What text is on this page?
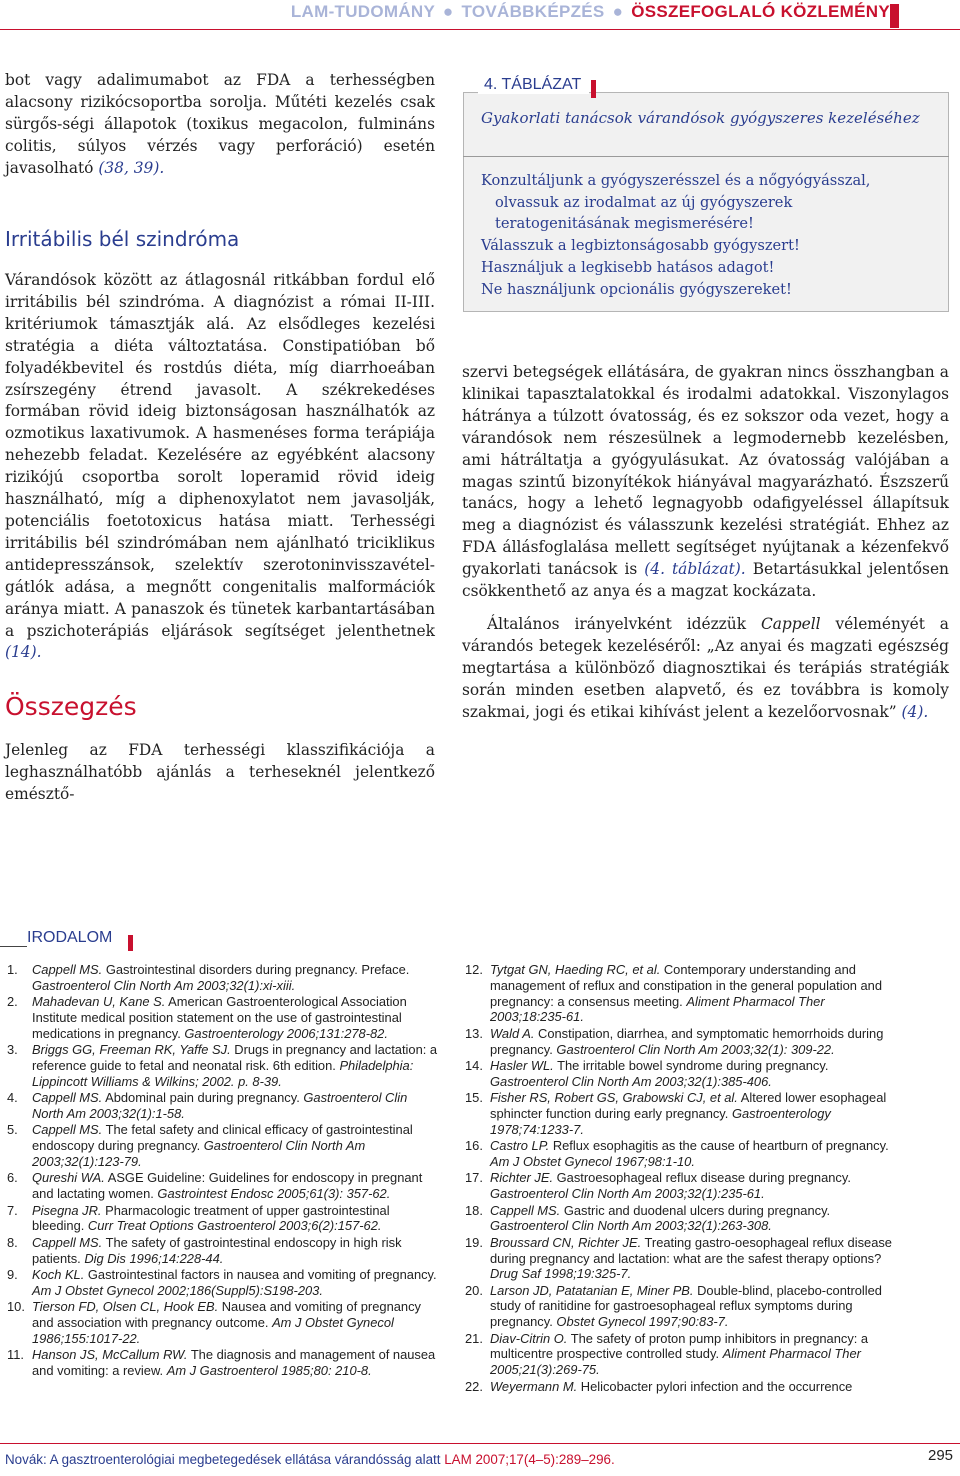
LAM-TUDOMÁNY ● TOVÁBBKÉPZÉS ● ÖSSZEFOGLALÓ KÖZLEMÉNY

bot vagy adalimumabot az FDA a terhességben alacsony rizikócsoportba sorolja. Műtéti kezelés csak sürgős-ségi állapotok (toxikus megacolon, fulmináns colitis, súlyos vérzés vagy perforáció) esetén javasolható (38, 39).

Irritábilis bél szindróma

Várandósok között az átlagosnál ritkábban fordul elő irritábilis bél szindróma. A diagnózist a római II-III. kritériumok támasztják alá. Az elsődleges kezelési stratégia a diéta változtatása. Constipatióban bő folyadékbevitel és rostdús diéta, míg diarrhoeában zsírszegény étrend javasolt. A székrekedéses formában rövid ideig biztonságosan használhatók az ozmotikus laxativumok. A hasmenéses forma terápiája nehezebb feladat. Kezelésére az egyébként alacsony rizikójú csoportba sorolt loperamid rövid ideig használható, míg a diphenoxylatot nem javasolják, potenciális foetotoxicus hatása miatt. Terhességi irritábilis bél szindrómában nem ajánlható triciklikus antidepresszánsok, szelektív szerotoninvisszavétel-gátlók adása, a megnőtt congenitalis malformációk aránya miatt. A panaszok és tünetek karbantartásában a pszichoterápiás eljárások segítséget jelenthetnek (14).

Összegzés

Jelenleg az FDA terhességi klasszifikációja a leghasználhatóbb ajánlás a terheseknél jelentkező emésztő-

4. TÁBLÁZAT
Gyakorlati tanácsok várandósok gyógyszeres kezeléséhez

Konzultáljunk a gyógyszerésszel és a nőgyógyásszal,

olvassuk az irodalmat az új gyógyszerek

teratogenitásának megismerésére!

Válasszuk a legbiztonságosabb gyógyszert!

Használjuk a legkisebb hatásos adagot!

Ne használjunk opcionális gyógyszereket!

szervi betegségek ellátására, de gyakran nincs összhangban a klinikai tapasztalatokkal és irodalmi adatokkal. Viszonylagos hátránya a túlzott óvatosság, és ez sokszor oda vezet, hogy a várandósok nem részesülnek a legmodernebb kezelésben, ami hátráltatja a gyógyulásukat. Az óvatosság valójában a magas szintű bizonyítékok hiányával magyarázható. Észszerű tanács, hogy a lehető legnagyobb odafigyeléssel állapítsuk meg a diagnózist és válasszunk kezelési stratégiát. Ehhez az FDA állásfoglalása mellett segítséget nyújtanak a kézenfekvő gyakorlati tanácsok is (4. táblázat). Betartásukkal jelentősen csökkenthető az anya és a magzat kockázata.

Általános irányelvként idézzük Cappell véleményét a várandós betegek kezeléséről: „Az anyai és magzati egészség megtartása a különböző diagnosztikai és terápiás stratégiák során minden esetben alapvető, és ez továbbra is komoly szakmai, jogi és etikai kihívást jelent a kezelőorvosnak” (4).

IRODALOM

1. Cappell MS. Gastrointestinal disorders during pregnancy. Preface. Gastroenterol Clin North Am 2003;32(1):xi-xiii.

2. Mahadevan U, Kane S. American Gastroenterological Association Institute medical position statement on the use of gastrointestinal medications in pregnancy. Gastroenterology 2006;131:278-82.

3. Briggs GG, Freeman RK, Yaffe SJ. Drugs in pregnancy and lactation: a reference guide to fetal and neonatal risk. 6th edition. Philadelphia: Lippincott Williams & Wilkins; 2002. p. 8-39.

4. Cappell MS. Abdominal pain during pregnancy. Gastroenterol Clin North Am 2003;32(1):1-58.

5. Cappell MS. The fetal safety and clinical efficacy of gastrointestinal endoscopy during pregnancy. Gastroenterol Clin North Am 2003;32(1):123-79.

6. Qureshi WA. ASGE Guideline: Guidelines for endoscopy in pregnant and lactating women. Gastrointest Endosc 2005;61(3): 357-62.

7. Pisegna JR. Pharmacologic treatment of upper gastrointestinal bleeding. Curr Treat Options Gastroenterol 2003;6(2):157-62.

8. Cappell MS. The safety of gastrointestinal endoscopy in high risk patients. Dig Dis 1996;14:228-44.

9. Koch KL. Gastrointestinal factors in nausea and vomiting of pregnancy. Am J Obstet Gynecol 2002;186(Suppl5):S198-203.

10. Tierson FD, Olsen CL, Hook EB. Nausea and vomiting of pregnancy and association with pregnancy outcome. Am J Obstet Gynecol 1986;155:1017-22.

11. Hanson JS, McCallum RW. The diagnosis and management of nausea and vomiting: a review. Am J Gastroenterol 1985;80: 210-8.

12. Tytgat GN, Haeding RC, et al. Contemporary understanding and management of reflux and constipation in the general population and pregnancy: a consensus meeting. Aliment Pharmacol Ther 2003;18:235-61.

13. Wald A. Constipation, diarrhea, and symptomatic hemorrhoids during pregnancy. Gastroenterol Clin North Am 2003;32(1): 309-22.

14. Hasler WL. The irritable bowel syndrome during pregnancy. Gastroenterol Clin North Am 2003;32(1):385-406.

15. Fisher RS, Robert GS, Grabowski CJ, et al. Altered lower esophageal sphincter function during early pregnancy. Gastroenterology 1978;74:1233-7.

16. Castro LP. Reflux esophagitis as the cause of heartburn of pregnancy. Am J Obstet Gynecol 1967;98:1-10.

17. Richter JE. Gastroesophageal reflux disease during pregnancy. Gastroenterol Clin North Am 2003;32(1):235-61.

18. Cappell MS. Gastric and duodenal ulcers during pregnancy. Gastroenterol Clin North Am 2003;32(1):263-308.

19. Broussard CN, Richter JE. Treating gastro-oesophageal reflux disease during pregnancy and lactation: what are the safest therapy options? Drug Saf 1998;19:325-7.

20. Larson JD, Patatanian E, Miner PB. Double-blind, placebo-controlled study of ranitidine for gastroesophageal reflux symptoms during pregnancy. Obstet Gynecol 1997;90:83-7.

21. Diav-Citrin O. The safety of proton pump inhibitors in pregnancy: a multicentre prospective controlled study. Aliment Pharmacol Ther 2005;21(3):269-75.

22. Weyermann M. Helicobacter pylori infection and the occurrence

Novák: A gasztroenterológiai megbetegedések ellátása várandósság alatt LAM 2007;17(4–5):289–296.	295
